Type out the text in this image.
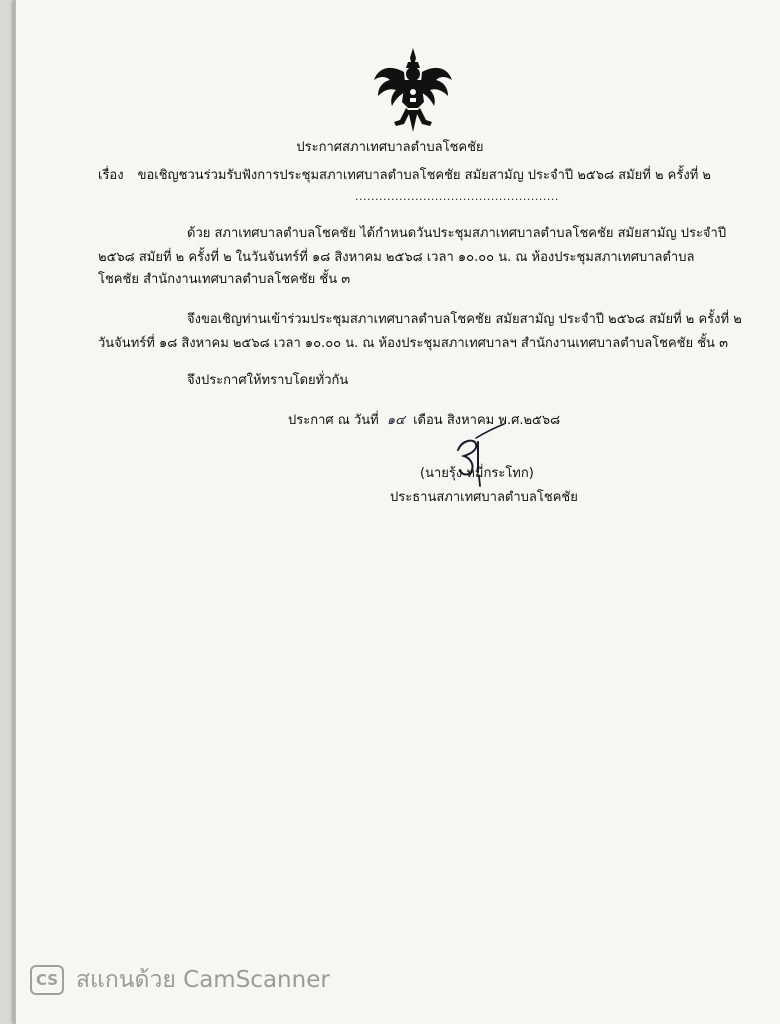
ประกาศสภาเทศบาลตำบลโชคชัย
เรื่อง ขอเชิญชวนร่วมรับฟังการประชุมสภาเทศบาลตำบลโชคชัย สมัยสามัญ ประจำปี ๒๕๖๘ สมัยที่ ๒ ครั้งที่ ๒
...................................................
ด้วย สภาเทศบาลตำบลโชคชัย ได้กำหนดวันประชุมสภาเทศบาลตำบลโชคชัย สมัยสามัญ ประจำปี
๒๕๖๘ สมัยที่ ๒ ครั้งที่ ๒ ในวันจันทร์ที่ ๑๘ สิงหาคม ๒๕๖๘ เวลา ๑๐.๐๐ น. ณ ห้องประชุมสภาเทศบาลตำบล
โชคชัย สำนักงานเทศบาลตำบลโชคชัย ชั้น ๓
จึงขอเชิญท่านเข้าร่วมประชุมสภาเทศบาลตำบลโชคชัย สมัยสามัญ ประจำปี ๒๕๖๘ สมัยที่ ๒ ครั้งที่ ๒
วันจันทร์ที่ ๑๘ สิงหาคม ๒๕๖๘ เวลา ๑๐.๐๐ น. ณ ห้องประชุมสภาเทศบาลฯ สำนักงานเทศบาลตำบลโชคชัย ชั้น ๓
จึงประกาศให้ทราบโดยทั่วกัน
ประกาศ ณ วันที่ ๑๔ เดือน สิงหาคม พ.ศ.๒๕๖๘
(นายรุ้ง หมี่กระโทก)
ประธานสภาเทศบาลตำบลโชคชัย
CS สแกนด้วย CamScanner
